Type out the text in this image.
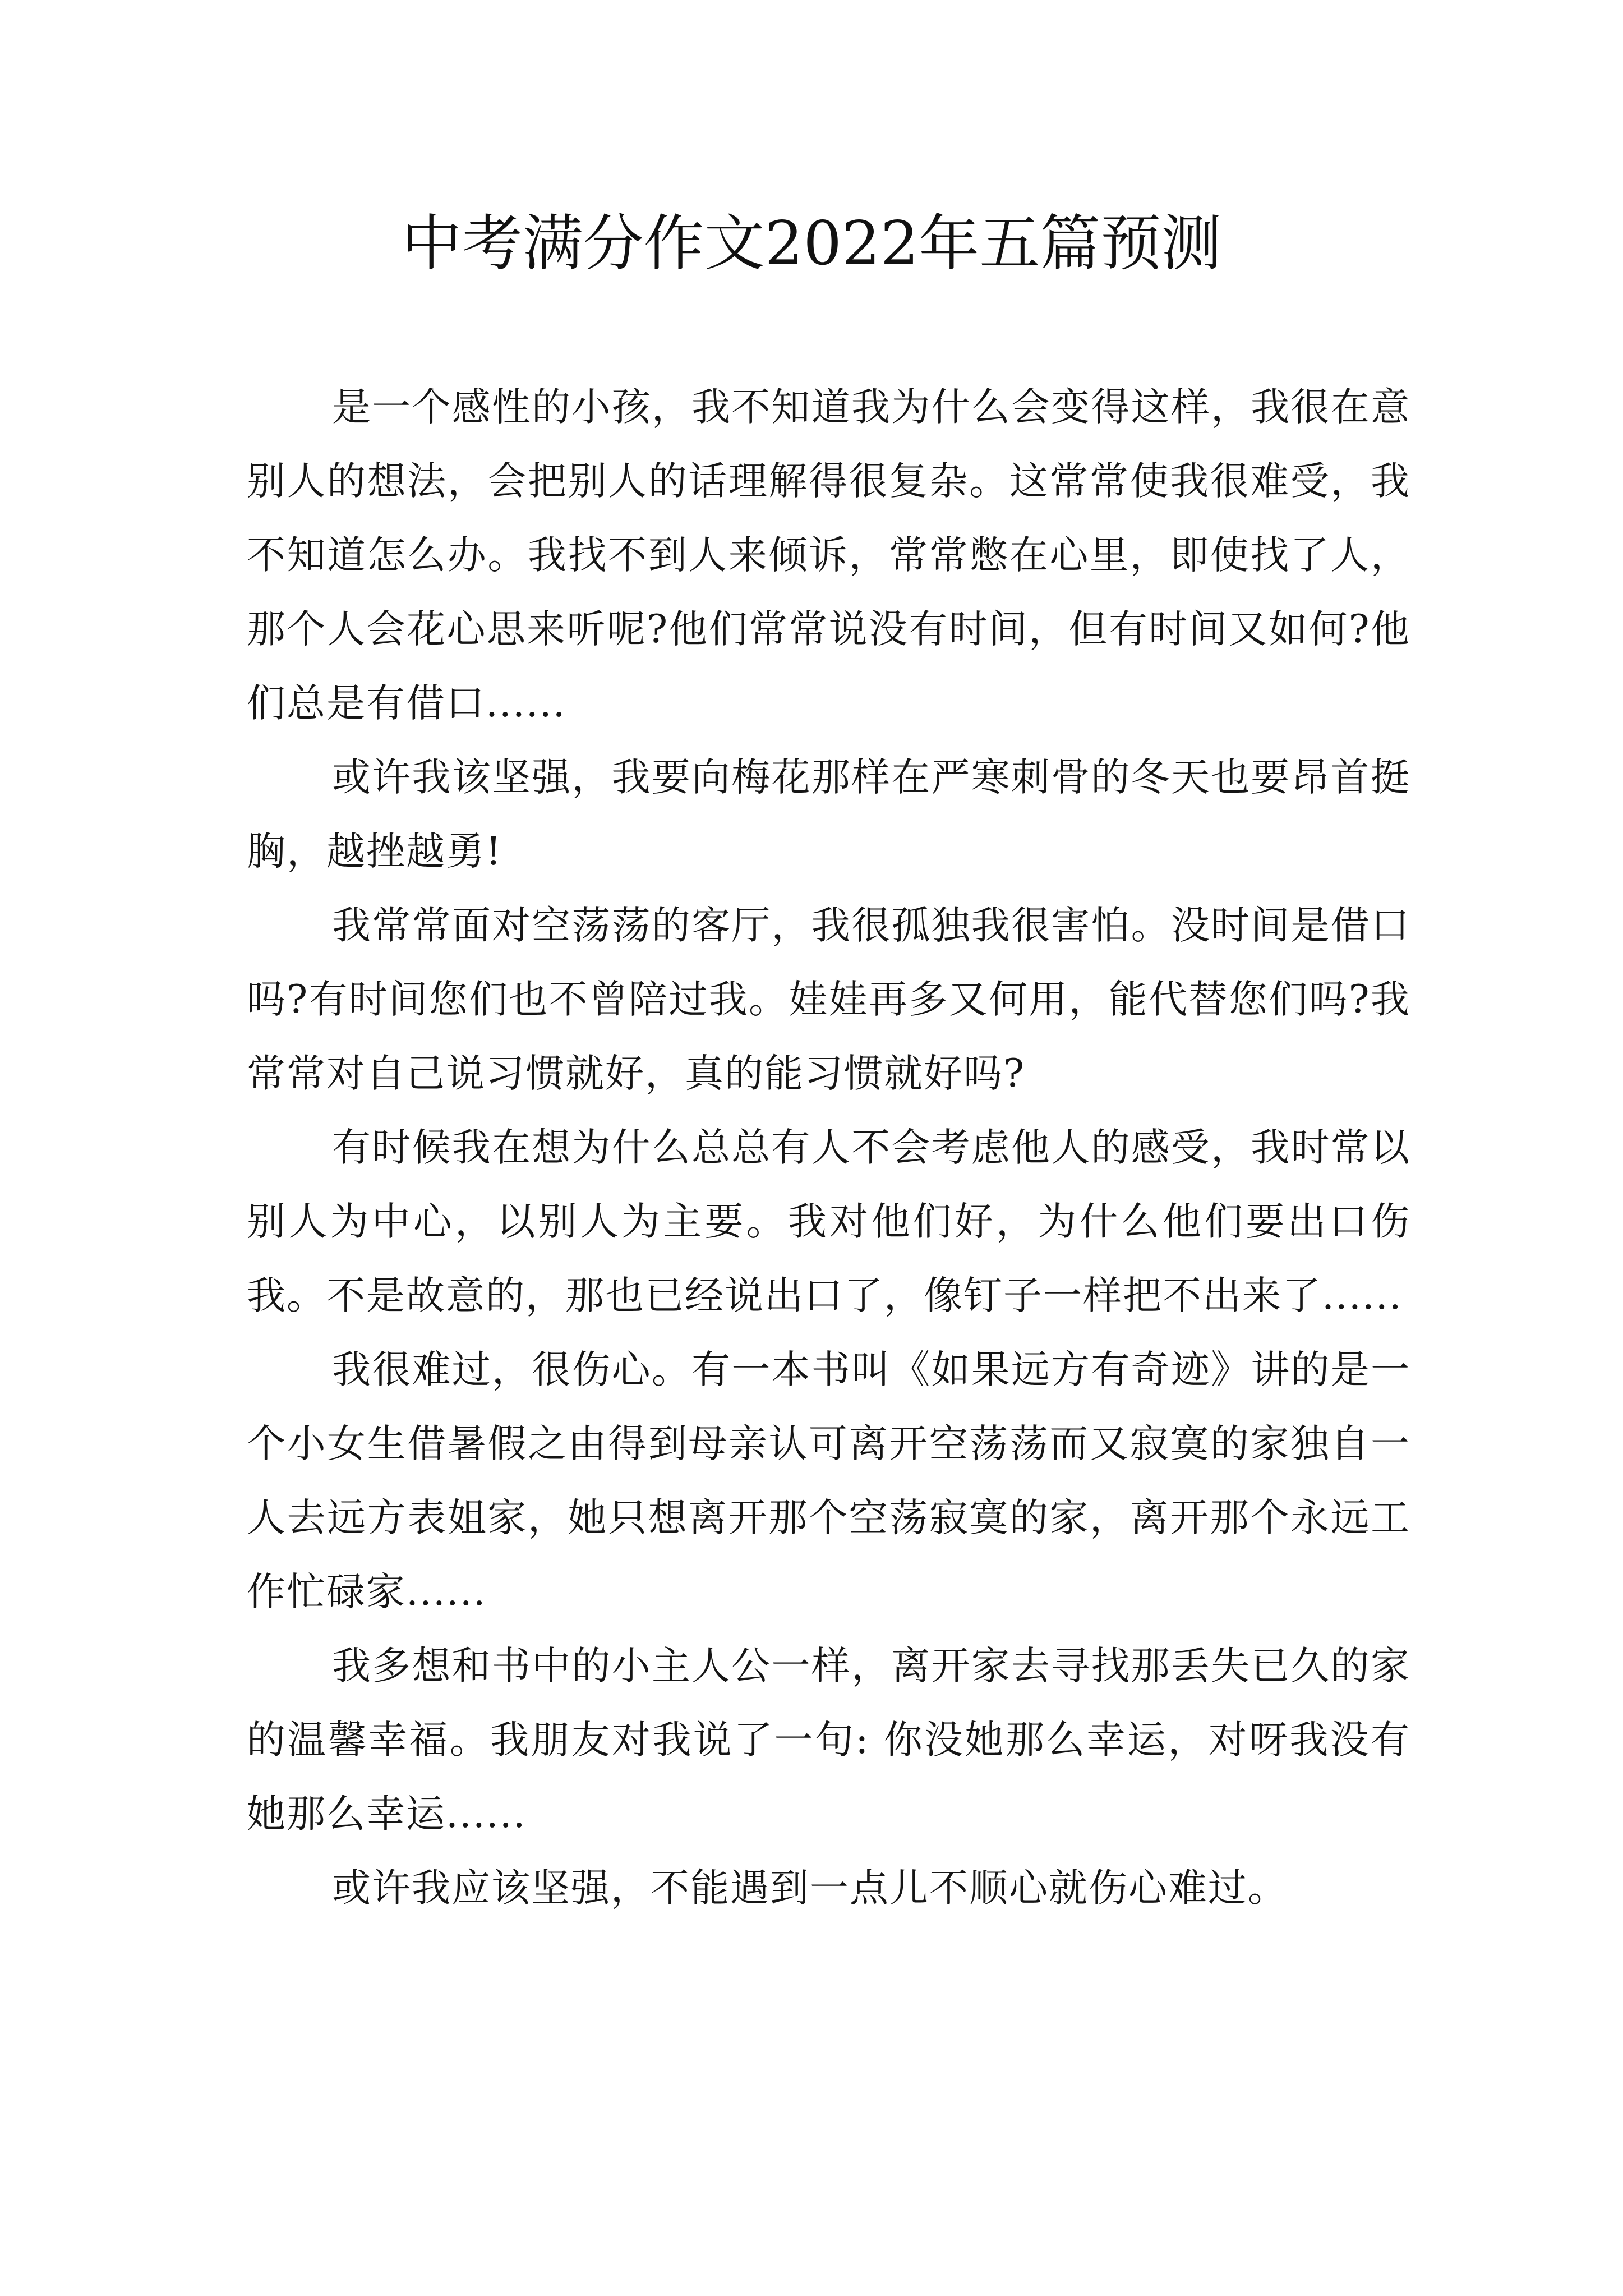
中考满分作文2022年五篇预测

是一个感性的小孩，我不知道我为什么会变得这样，我很在意别人的想法，会把别人的话理解得很复杂。这常常使我很难受，我不知道怎么办。我找不到人来倾诉，常常憋在心里，即使找了人，那个人会花心思来听呢?他们常常说没有时间，但有时间又如何?他们总是有借口......

或许我该坚强，我要向梅花那样在严寒刺骨的冬天也要昂首挺胸，越挫越勇!

我常常面对空荡荡的客厅，我很孤独我很害怕。没时间是借口吗?有时间您们也不曾陪过我。娃娃再多又何用，能代替您们吗?我常常对自己说习惯就好，真的能习惯就好吗?

有时候我在想为什么总总有人不会考虑他人的感受，我时常以别人为中心，以别人为主要。我对他们好，为什么他们要出口伤我。不是故意的，那也已经说出口了，像钉子一样把不出来了......

我很难过，很伤心。有一本书叫《如果远方有奇迹》讲的是一个小女生借暑假之由得到母亲认可离开空荡荡而又寂寞的家独自一人去远方表姐家，她只想离开那个空荡寂寞的家，离开那个永远工作忙碌家......

我多想和书中的小主人公一样，离开家去寻找那丢失已久的家的温馨幸福。我朋友对我说了一句: 你没她那么幸运，对呀我没有她那么幸运......

或许我应该坚强，不能遇到一点儿不顺心就伤心难过。
